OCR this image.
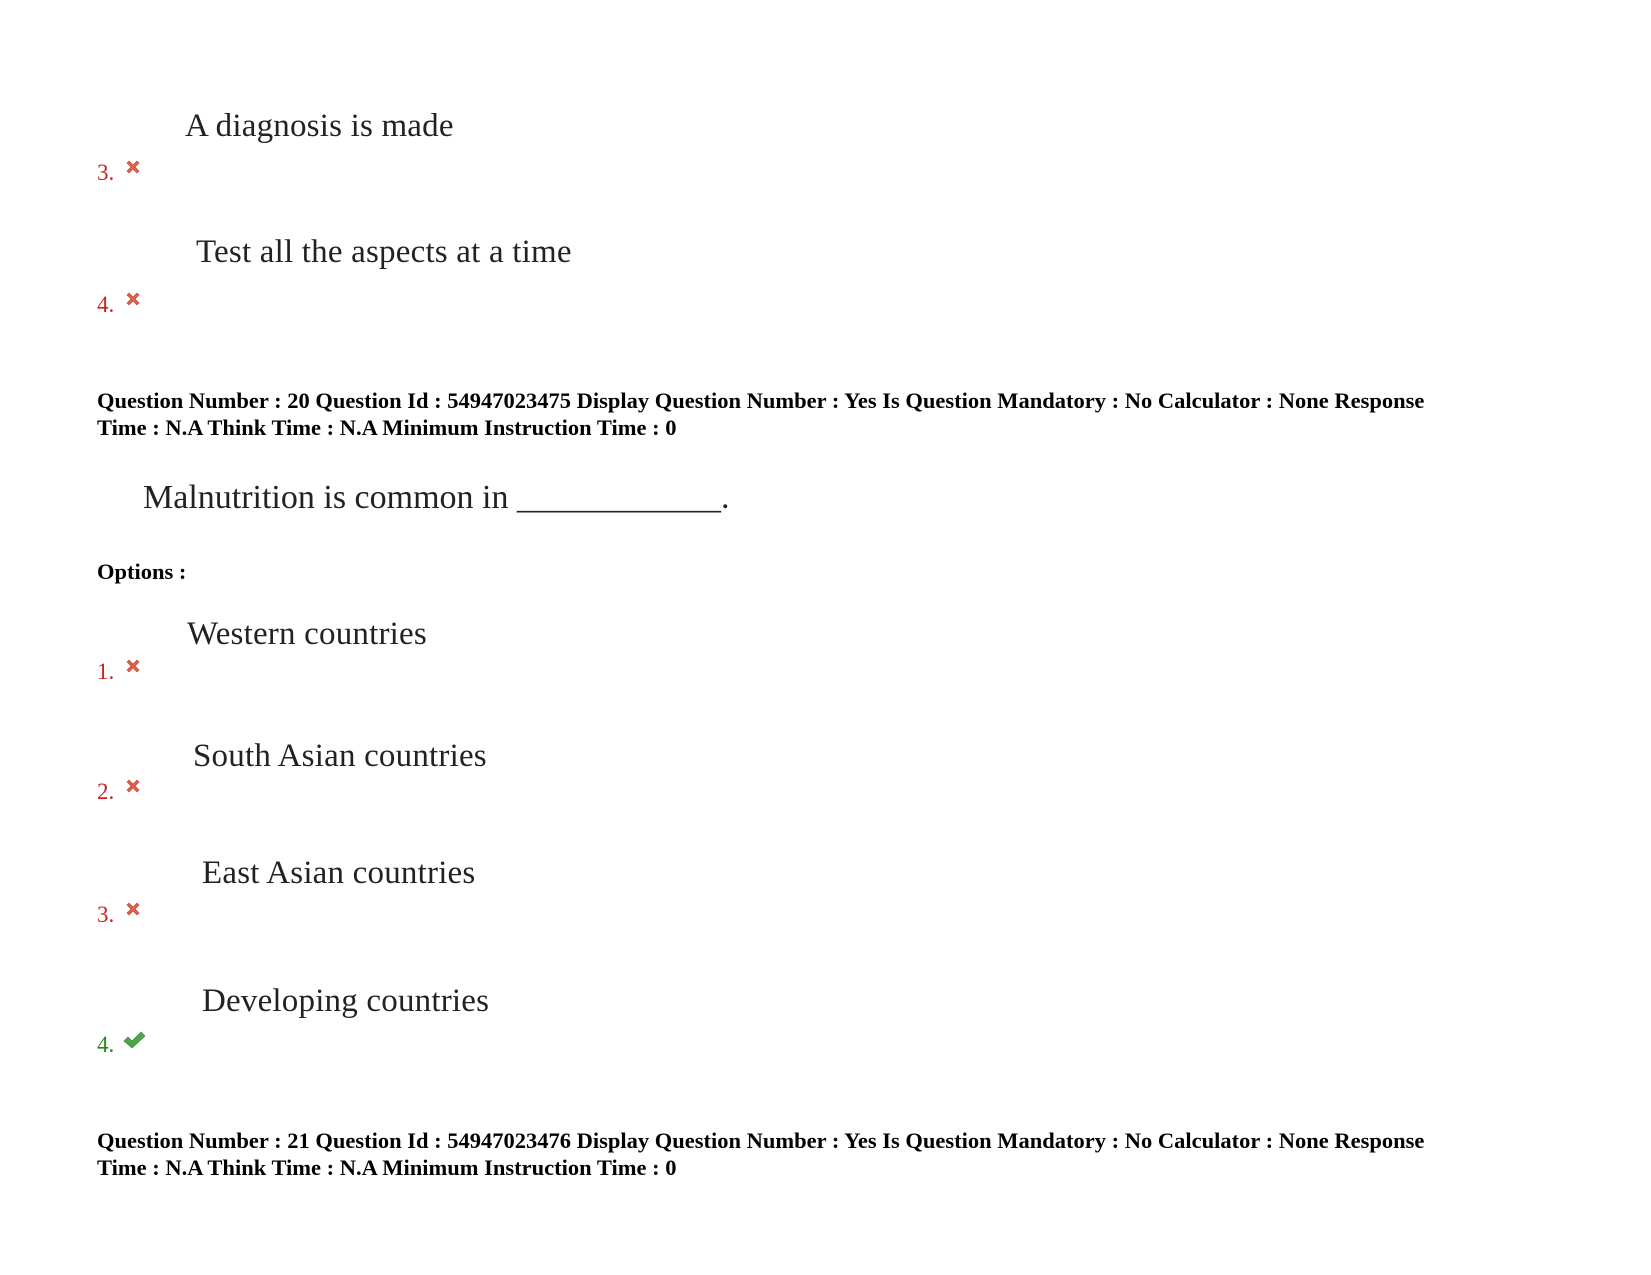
A diagnosis is made
3.
Test all the aspects at a time
4.
Question Number : 20 Question Id : 54947023475 Display Question Number : Yes Is Question Mandatory : No Calculator : None Response
Time : N.A Think Time : N.A Minimum Instruction Time : 0
Malnutrition is common in ____________.
Options :
Western countries
1.
South Asian countries
2.
East Asian countries
3.
Developing countries
4.
Question Number : 21 Question Id : 54947023476 Display Question Number : Yes Is Question Mandatory : No Calculator : None Response
Time : N.A Think Time : N.A Minimum Instruction Time : 0
